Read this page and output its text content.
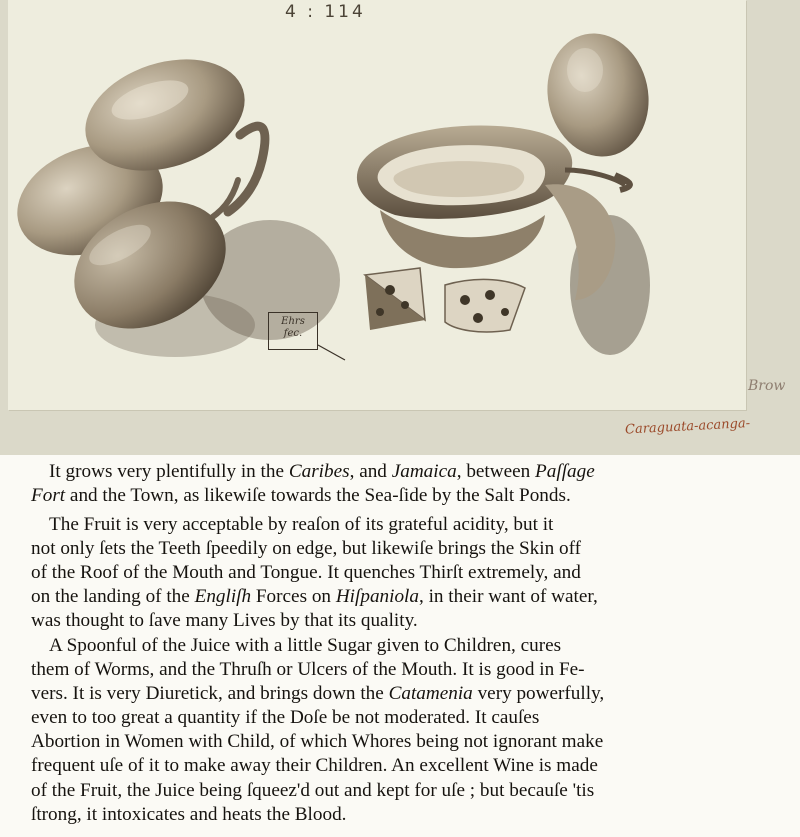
4 : 114
Ehrs
fec.
Brow
Caraguata-acanga-
It grows very plentifully in the Caribes, and Jamaica, between Paſſage
Fort and the Town, as likewiſe towards the Sea-ſide by the Salt Ponds.
The Fruit is very acceptable by reaſon of its grateful acidity, but it
not only ſets the Teeth ſpeedily on edge, but likewiſe brings the Skin off
of the Roof of the Mouth and Tongue. It quenches Thirſt extremely, and
on the landing of the Engliſh Forces on Hiſpaniola, in their want of water,
was thought to ſave many Lives by that its quality.
A Spoonful of the Juice with a little Sugar given to Children, cures
them of Worms, and the Thruſh or Ulcers of the Mouth. It is good in Fe-
vers. It is very Diuretick, and brings down the Catamenia very powerfully,
even to too great a quantity if the Doſe be not moderated. It cauſes
Abortion in Women with Child, of which Whores being not ignorant make
frequent uſe of it to make away their Children. An excellent Wine is made
of the Fruit, the Juice being ſqueez'd out and kept for uſe ; but becauſe 'tis
ſtrong, it intoxicates and heats the Blood.
